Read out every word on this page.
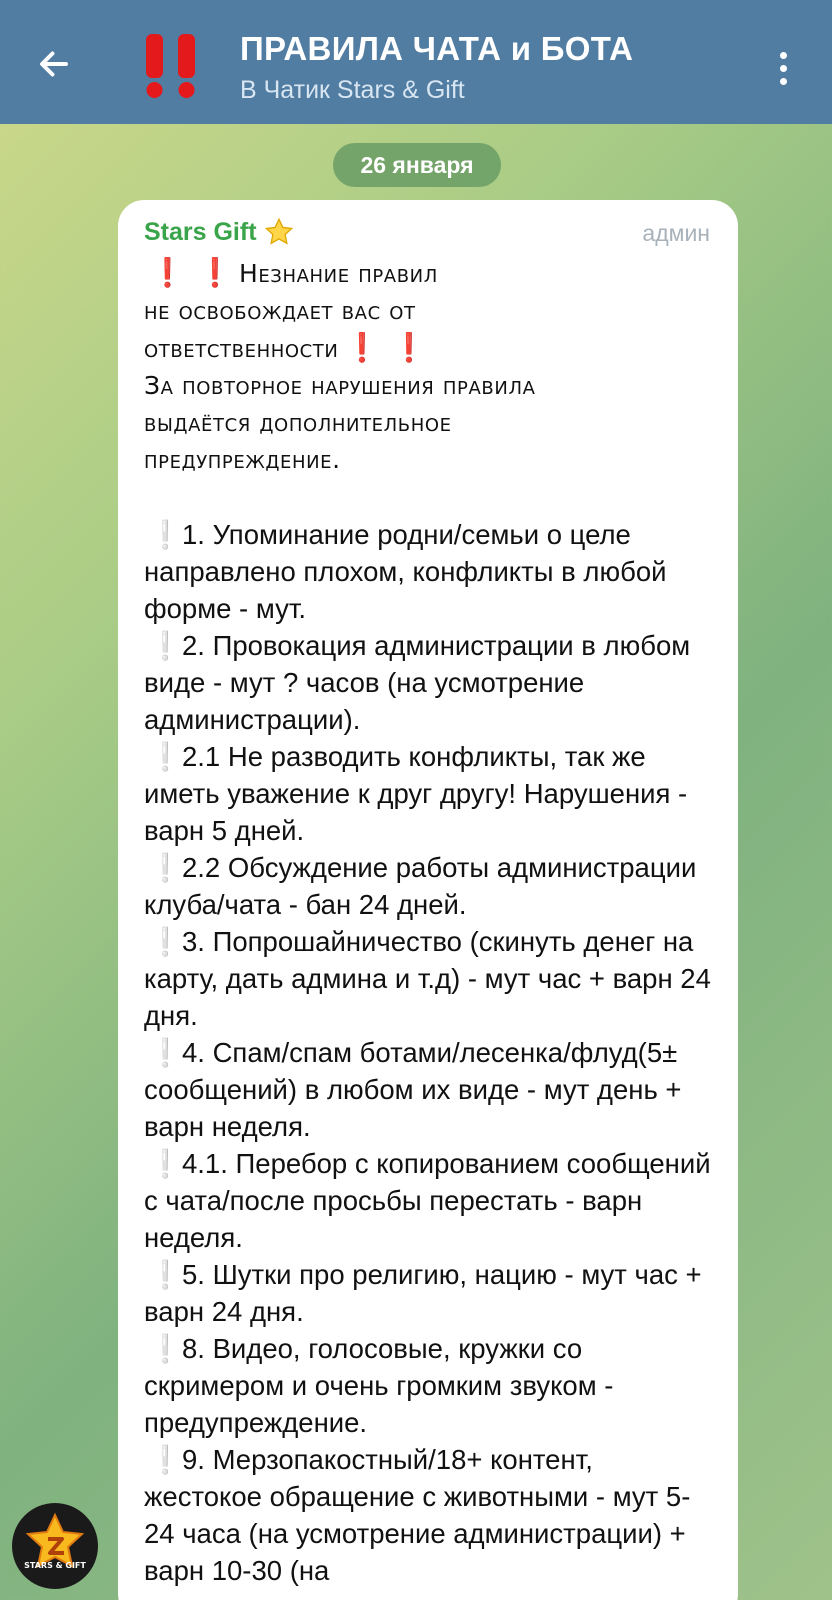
ПРАВИЛА ЧАТА и БОТА
В Чатик Stars & Gift
26 января
Stars Gift	админ
❗ ❗ Незнание правил
не освобождает вас от
ответственности ❗ ❗
За повторное нарушения правила
выдаётся дополнительное
предупреждение.
❕1. Упоминание родни/семьи о целе направлено плохом, конфликты в любой форме - мут.
❕2. Провокация администрации в любом виде - мут ? часов (на усмотрение администрации).
❕2.1 Не разводить конфликты, так же иметь уважение к друг другу! Нарушения - варн 5 дней.
❕2.2 Обсуждение работы администрации клуба/чата - бан 24 дней.
❕3. Попрошайничество (скинуть денег на карту, дать админа и т.д) - мут час + варн 24 дня.
❕4. Спам/спам ботами/лесенка/флуд(5± сообщений) в любом их виде - мут день + варн неделя.
❕4.1. Перебор с копированием сообщений с чата/после просьбы перестать - варн неделя.
❕5. Шутки про религию, нацию - мут час + варн 24 дня.
❕8. Видео, голосовые, кружки со скримером и очень громким звуком - предупреждение.
❕9. Мерзопакостный/18+ контент, жестокое обращение с животными - мут 5-24 часа (на усмотрение администрации) + варн 10-30 (на
STARS & GIFT
